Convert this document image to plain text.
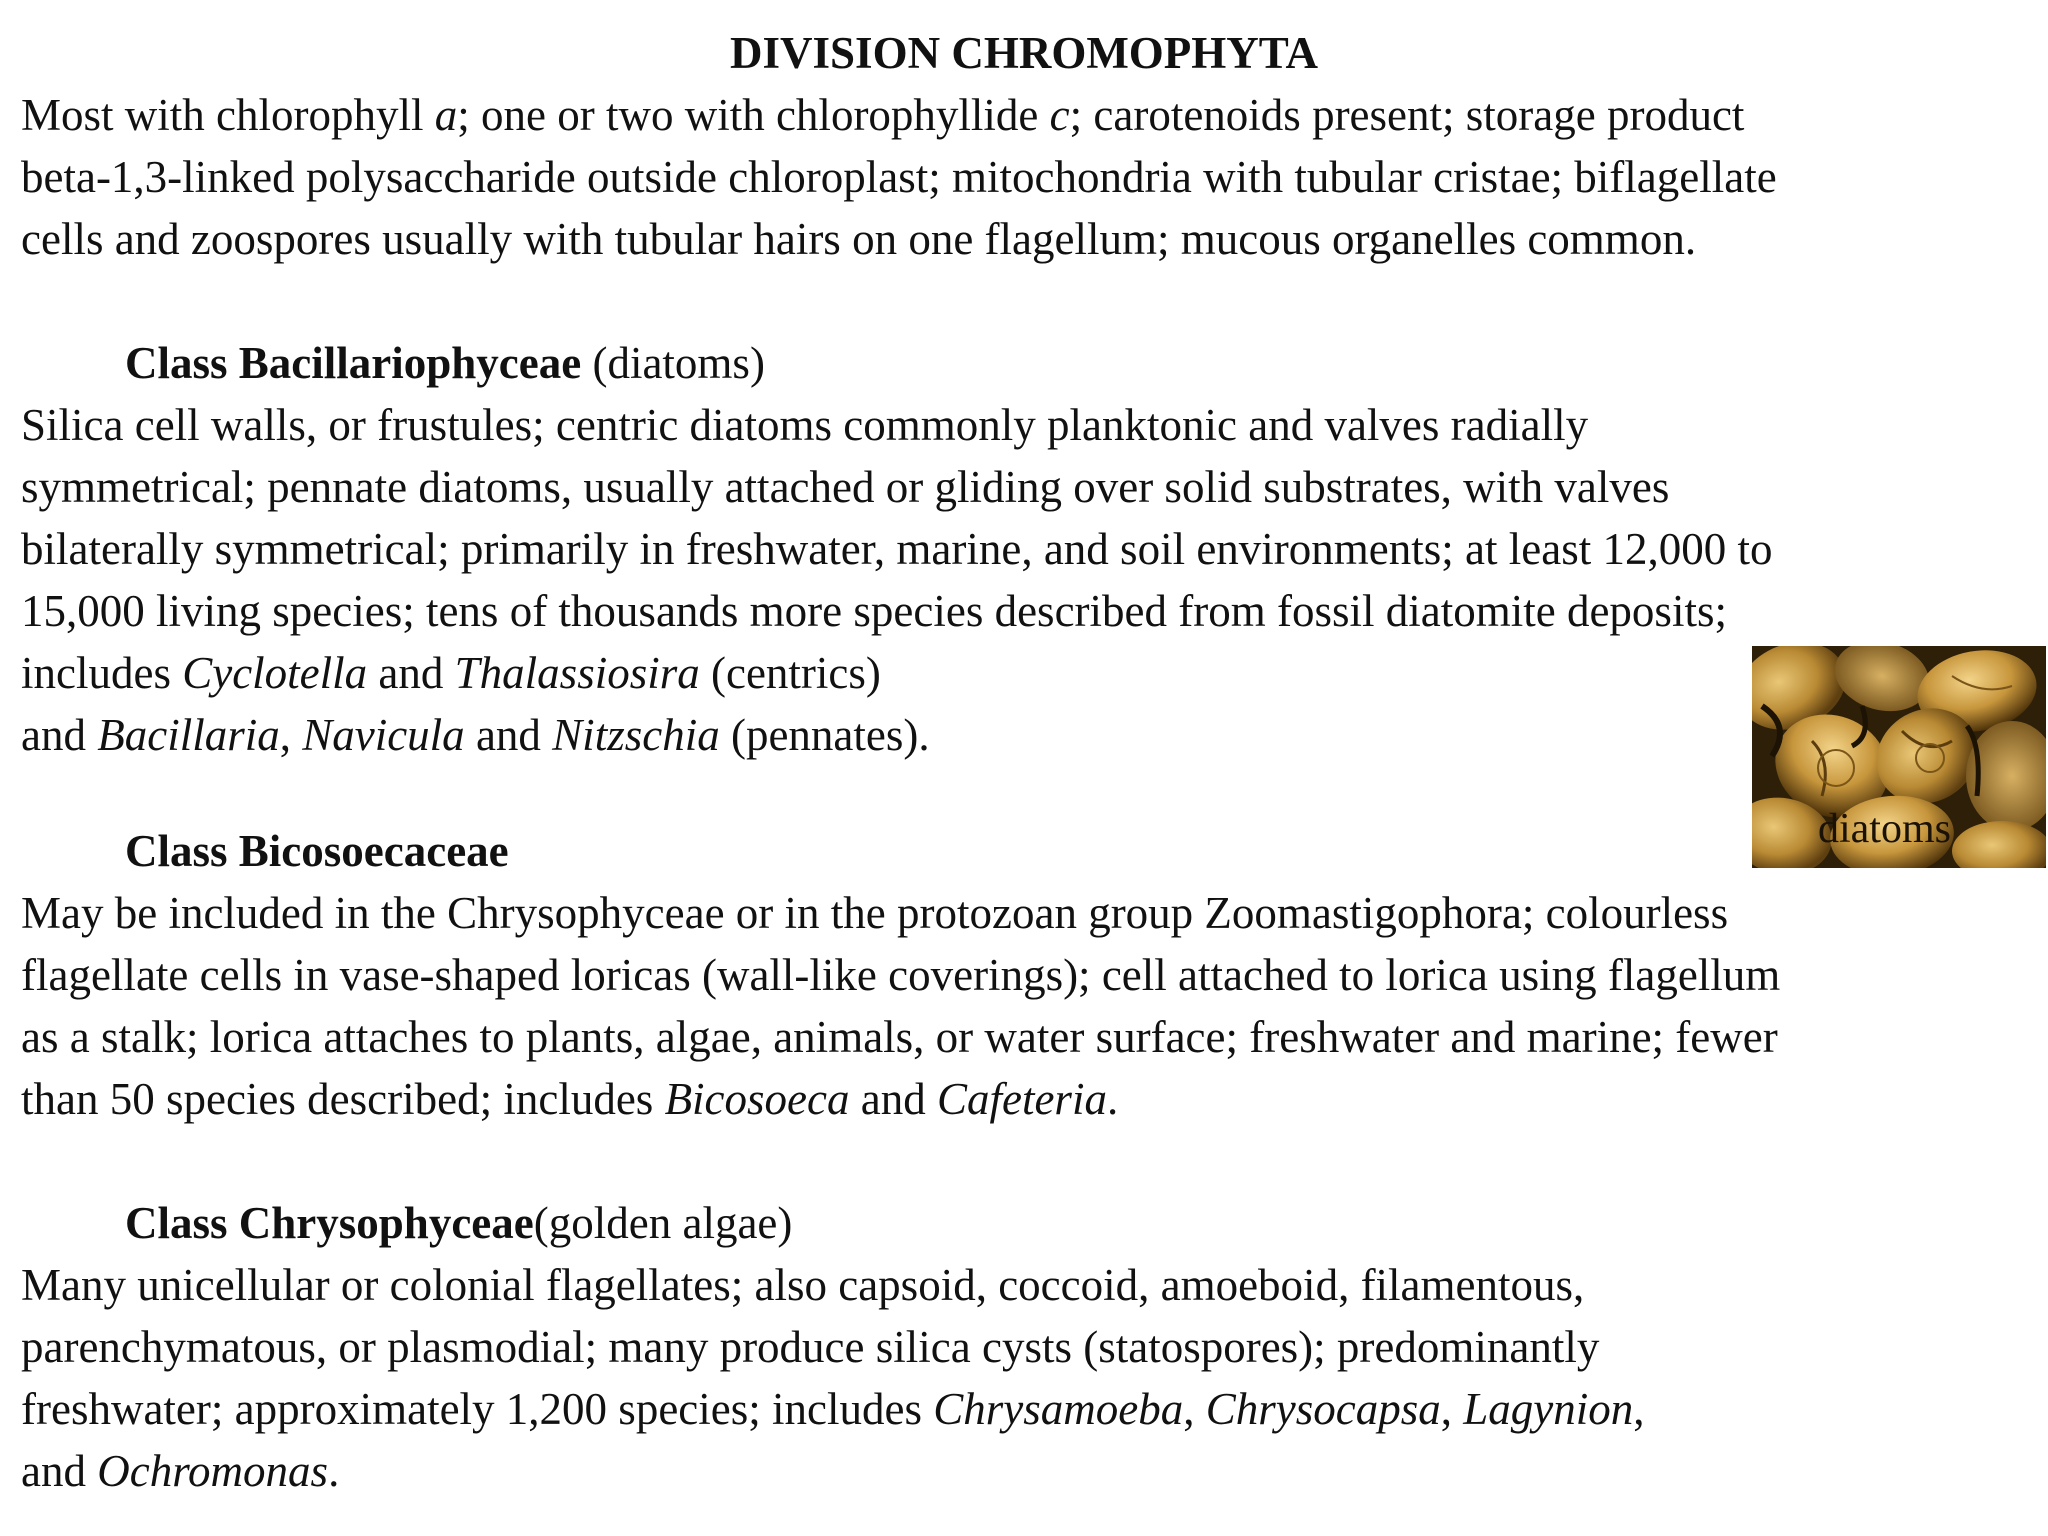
DIVISION CHROMOPHYTA
Most with chlorophyll a; one or two with chlorophyllide c; carotenoids present; storage product
beta-1,3-linked polysaccharide outside chloroplast; mitochondria with tubular cristae; biflagellate
cells and zoospores usually with tubular hairs on one flagellum; mucous organelles common.
Class Bacillariophyceae (diatoms)
Silica cell walls, or frustules; centric diatoms commonly planktonic and valves radially
symmetrical; pennate diatoms, usually attached or gliding over solid substrates, with valves
bilaterally symmetrical; primarily in freshwater, marine, and soil environments; at least 12,000 to
15,000 living species; tens of thousands more species described from fossil diatomite deposits;
includes Cyclotella and Thalassiosira (centrics)
and Bacillaria, Navicula and Nitzschia (pennates).
diatoms
Class Bicosoecaceae
May be included in the Chrysophyceae or in the protozoan group Zoomastigophora; colourless
flagellate cells in vase-shaped loricas (wall-like coverings); cell attached to lorica using flagellum
as a stalk; lorica attaches to plants, algae, animals, or water surface; freshwater and marine; fewer
than 50 species described; includes Bicosoeca and Cafeteria.
Class Chrysophyceae(golden algae)
Many unicellular or colonial flagellates; also capsoid, coccoid, amoeboid, filamentous,
parenchymatous, or plasmodial; many produce silica cysts (statospores); predominantly
freshwater; approximately 1,200 species; includes Chrysamoeba, Chrysocapsa, Lagynion,
and Ochromonas.
